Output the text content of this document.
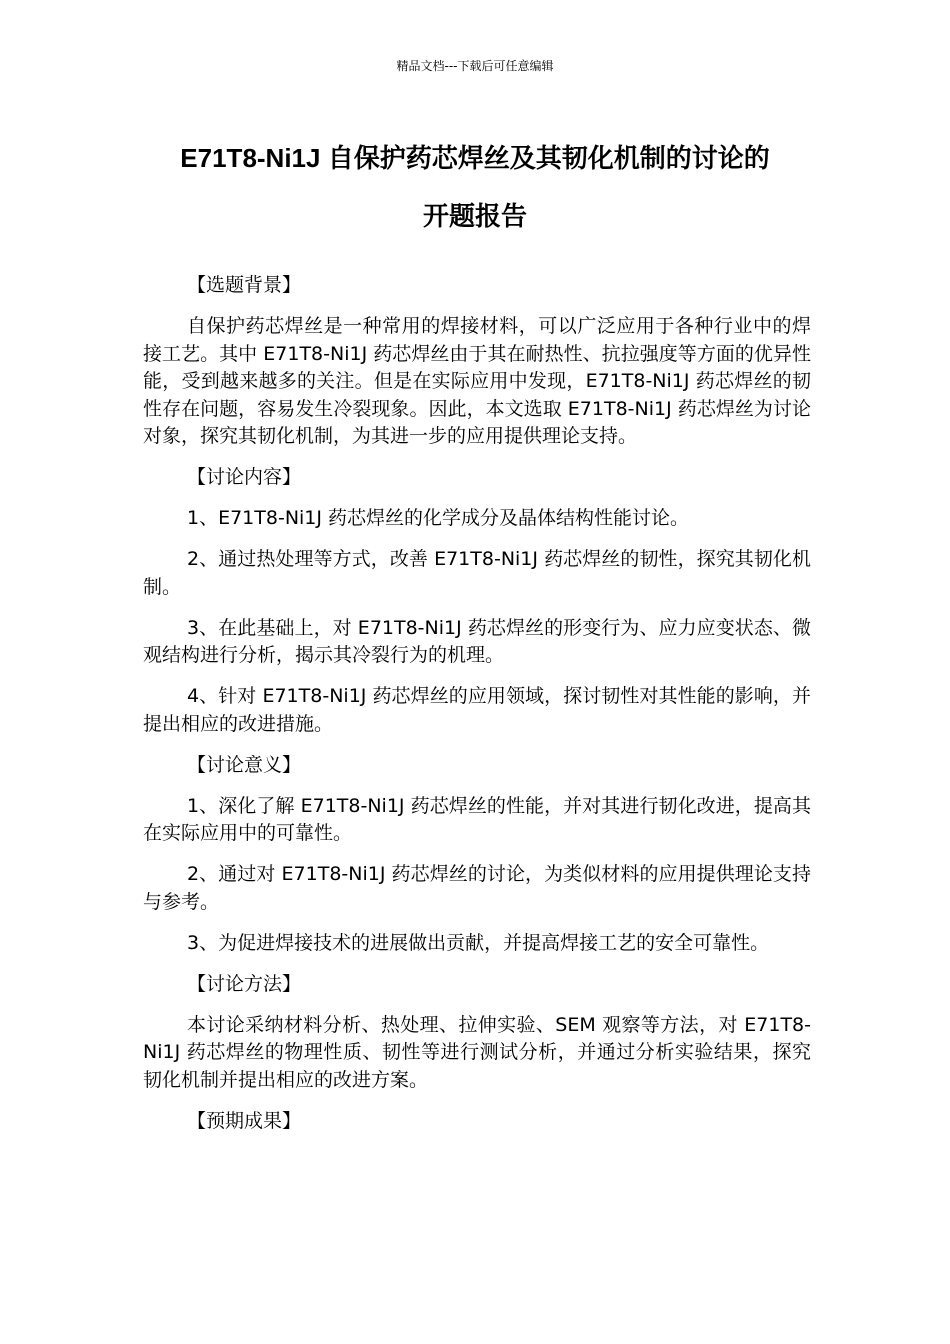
精品文档---下载后可任意编辑
E71T8-Ni1J 自保护药芯焊丝及其韧化机制的讨论的
开题报告
【选题背景】
自保护药芯焊丝是一种常用的焊接材料，可以广泛应用于各种行业中的焊接工艺。其中 E71T8-Ni1J 药芯焊丝由于其在耐热性、抗拉强度等方面的优异性能，受到越来越多的关注。但是在实际应用中发现，E71T8-Ni1J 药芯焊丝的韧性存在问题，容易发生冷裂现象。因此，本文选取 E71T8-Ni1J 药芯焊丝为讨论对象，探究其韧化机制，为其进一步的应用提供理论支持。
【讨论内容】
1、E71T8-Ni1J 药芯焊丝的化学成分及晶体结构性能讨论。
2、通过热处理等方式，改善 E71T8-Ni1J 药芯焊丝的韧性，探究其韧化机制。
3、在此基础上，对 E71T8-Ni1J 药芯焊丝的形变行为、应力应变状态、微观结构进行分析，揭示其冷裂行为的机理。
4、针对 E71T8-Ni1J 药芯焊丝的应用领域，探讨韧性对其性能的影响，并提出相应的改进措施。
【讨论意义】
1、深化了解 E71T8-Ni1J 药芯焊丝的性能，并对其进行韧化改进，提高其在实际应用中的可靠性。
2、通过对 E71T8-Ni1J 药芯焊丝的讨论，为类似材料的应用提供理论支持与参考。
3、为促进焊接技术的进展做出贡献，并提高焊接工艺的安全可靠性。
【讨论方法】
本讨论采纳材料分析、热处理、拉伸实验、SEM 观察等方法，对 E71T8-Ni1J 药芯焊丝的物理性质、韧性等进行测试分析，并通过分析实验结果，探究韧化机制并提出相应的改进方案。
【预期成果】
